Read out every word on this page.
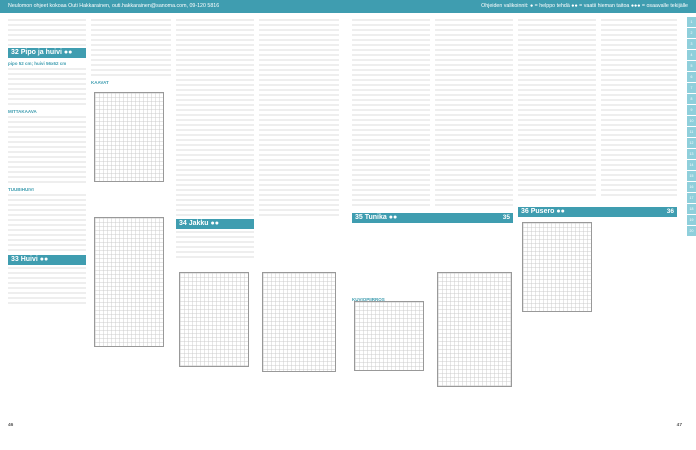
Neulomon ohjeet kokoaa Outi Hakkarainen, outi.hakkarainen@sanoma.com, 09-120 5816	Ohjeiden valikoinnit: ● = helppo tehdä ●● = vaatii hieman taitoa ●●● = osaavalle tekijälle
32 Pipo ja huivi ●●
pipo 52 cm; huivi 56x62 cm
MITTAKAAVA
TUUBIHUIVI
33 Huivi ●●
KAAVAT
34 Jakku ●●
46
35 Tunika ●●	35
KUVIOPIIRROS
36 Pusero ●●	36
47
1
2
3
4
5
6
7
8
9
10
11
12
13
14
15
16
17
18
19
20
